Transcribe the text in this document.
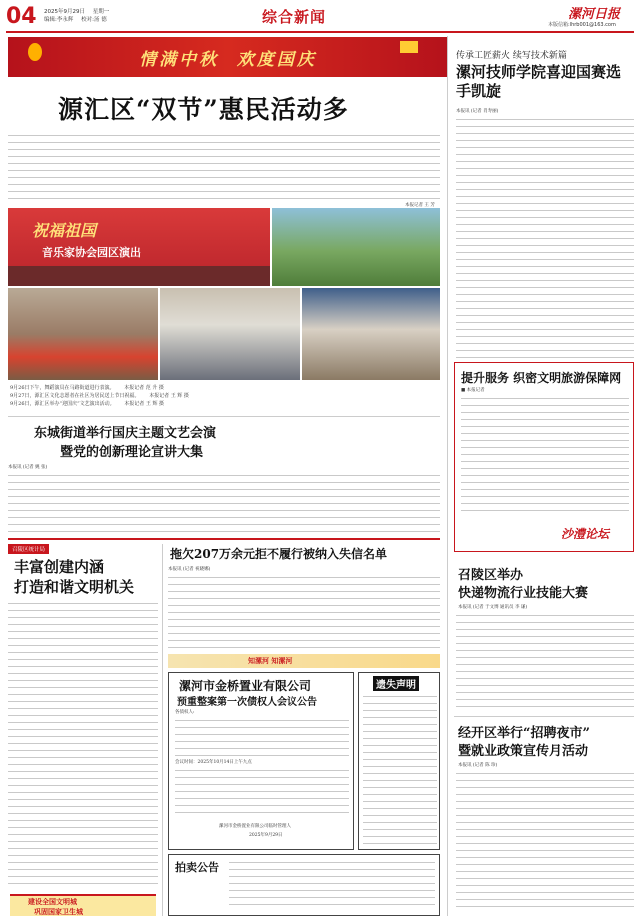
04 2025年9月29日 星期一
编辑:李永辉 校对:汤 德	综合新闻	漯河日报
本版信箱:lhrb001@163.com
情满中秋  欢度国庆
源汇区“双节”惠民活动多
本报记者 王 芳
祝福祖国
音乐家协会园区演出
9月26日下午，舞蹈演员在马路街道进行表演。 本报记者 范 升 摄
9月27日，源汇区文化志愿者在社区为居民送上节日祝福。 本报记者 王 辉 摄
9月26日，源汇区举办“迎国庆”文艺演出活动。 本报记者 王 辉 摄
东城街道举行国庆主题文艺会演
暨党的创新理论宣讲大集
本报讯 (记者 姚 张)
传承工匠薪火 续写技术新篇
漯河技师学院喜迎国赛选手凯旋
本报讯 (记者 肖寿丽)
提升服务 织密文明旅游保障网
■ 本报记者
沙澧论坛
召陵区举办
快递物流行业技能大赛
本报讯 (记者 于文博 通讯员 李 谦)
经开区举行“招聘夜市”
暨就业政策宣传月活动
本报讯 (记者 陈 珍)
召陵区统计局
丰富创建内涵
打造和谐文明机关
建设全国文明城
巩固国家卫生城
拖欠207万余元拒不履行被纳入失信名单
本报讯 (记者 祝晓娜)
知漯河 知漯河
漯河市金桥置业有限公司
预重整案第一次债权人会议公告
各债权人:
会议时间：2025年10月14日上午九点
漯河市金桥置业有限公司临时管理人
2025年9月29日
遗失声明
拍卖公告
